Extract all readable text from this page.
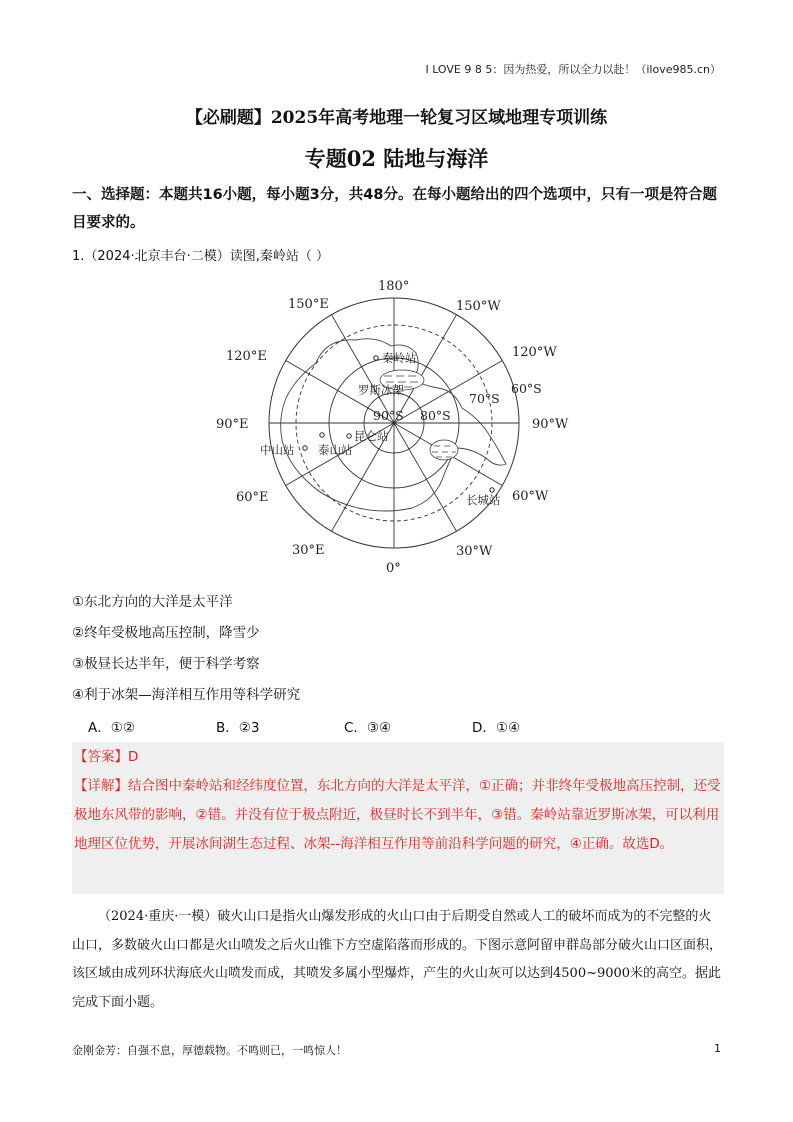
I LOVE 9 8 5：因为热爱，所以全力以赴！（ilove985.cn）
【必刷题】2025年高考地理一轮复习区域地理专项训练
专题02 陆地与海洋
一、选择题：本题共16小题，每小题3分，共48分。在每小题给出的四个选项中，只有一项是符合题目要求的。
1.（2024·北京丰台·二模）读图,秦岭站（ ）
180°
150°E	150°W
120°E	120°W
90°E	90°W
60°E	60°W
30°E	30°W
0°
60°S
70°S
80°S
90°S
秦岭站
罗斯冰架
昆仑站
中山站 泰山站
长城站
①东北方向的大洋是太平洋
②终年受极地高压控制，降雪少
③极昼长达半年，便于科学考察
④利于冰架—海洋相互作用等科学研究
A．①②	B．②3	C．③④	D．①④
【答案】D
【详解】结合图中秦岭站和经纬度位置，东北方向的大洋是太平洋，①正确；并非终年受极地高压控制，还受极地东风带的影响，②错。并没有位于极点附近，极昼时长不到半年，③错。秦岭站靠近罗斯冰架，可以利用地理区位优势，开展冰间湖生态过程、冰架--海洋相互作用等前沿科学问题的研究，④正确。故选D。
（2024·重庆·一模）破火山口是指火山爆发形成的火山口由于后期受自然或人工的破坏而成为的不完整的火山口，多数破火山口都是火山喷发之后火山锥下方空虚陷落而形成的。下图示意阿留申群岛部分破火山口区面积，该区域由成列环状海底火山喷发而成，其喷发多属小型爆炸，产生的火山灰可以达到4500~9000米的高空。据此完成下面小题。
金刚金芳：自强不息，厚德载物。不鸣则已，一鸣惊人！	1
